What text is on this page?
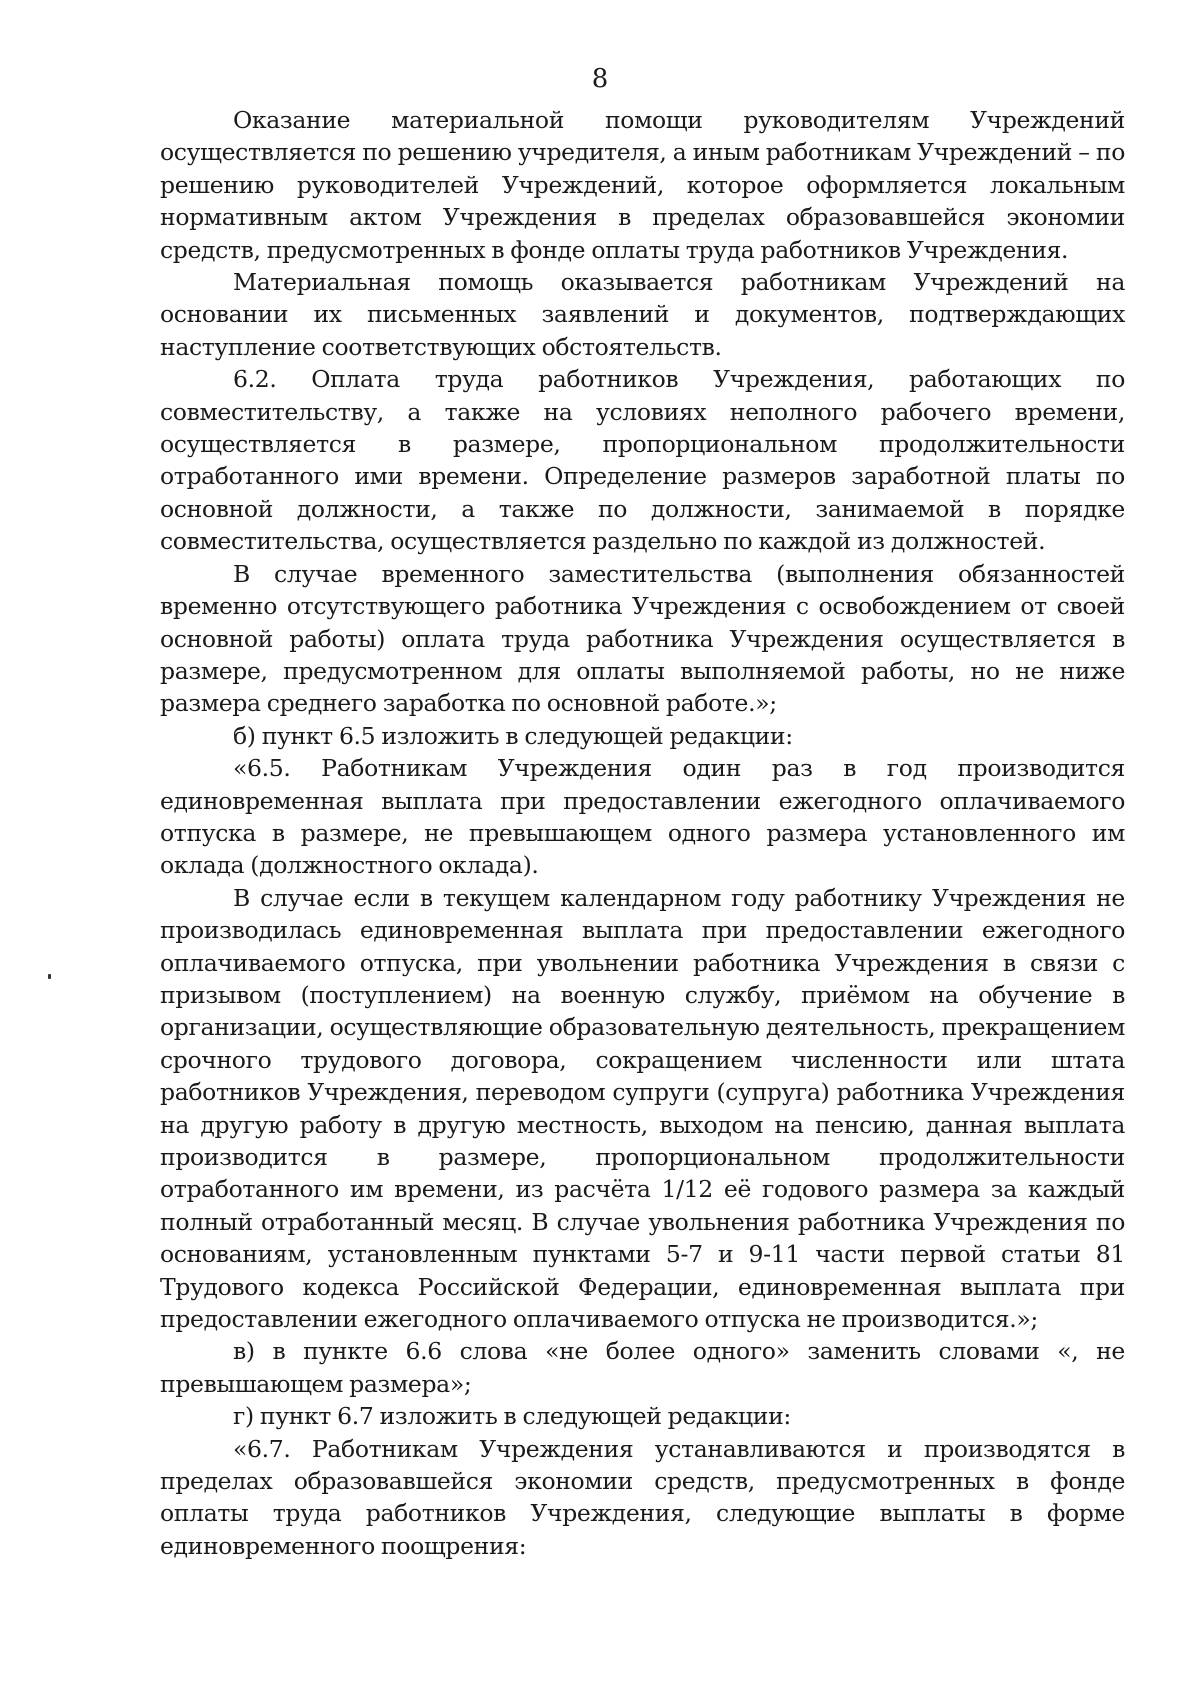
8

Оказание материальной помощи руководителям Учреждений осуществляется по решению учредителя, а иным работникам Учреждений – по решению руководителей Учреждений, которое оформляется локальным нормативным актом Учреждения в пределах образовавшейся экономии средств, предусмотренных в фонде оплаты труда работников Учреждения.

Материальная помощь оказывается работникам Учреждений на основании их письменных заявлений и документов, подтверждающих наступление соответствующих обстоятельств.

6.2. Оплата труда работников Учреждения, работающих по совместительству, а также на условиях неполного рабочего времени, осуществляется в размере, пропорциональном продолжительности отработанного ими времени. Определение размеров заработной платы по основной должности, а также по должности, занимаемой в порядке совместительства, осуществляется раздельно по каждой из должностей.

В случае временного заместительства (выполнения обязанностей временно отсутствующего работника Учреждения с освобождением от своей основной работы) оплата труда работника Учреждения осуществляется в размере, предусмотренном для оплаты выполняемой работы, но не ниже размера среднего заработка по основной работе.»;

б) пункт 6.5 изложить в следующей редакции:

«6.5. Работникам Учреждения один раз в год производится единовременная выплата при предоставлении ежегодного оплачиваемого отпуска в размере, не превышающем одного размера установленного им оклада (должностного оклада).

В случае если в текущем календарном году работнику Учреждения не производилась единовременная выплата при предоставлении ежегодного оплачиваемого отпуска, при увольнении работника Учреждения в связи с призывом (поступлением) на военную службу, приёмом на обучение в организации, осуществляющие образовательную деятельность, прекращением срочного трудового договора, сокращением численности или штата работников Учреждения, переводом супруги (супруга) работника Учреждения на другую работу в другую местность, выходом на пенсию, данная выплата производится в размере, пропорциональном продолжительности отработанного им времени, из расчёта 1/12 её годового размера за каждый полный отработанный месяц. В случае увольнения работника Учреждения по основаниям, установленным пунктами 5-7 и 9-11 части первой статьи 81 Трудового кодекса Российской Федерации, единовременная выплата при предоставлении ежегодного оплачиваемого отпуска не производится.»;

в) в пункте 6.6 слова «не более одного» заменить словами «, не превышающем размера»;

г) пункт 6.7 изложить в следующей редакции:

«6.7. Работникам Учреждения устанавливаются и производятся в пределах образовавшейся экономии средств, предусмотренных в фонде оплаты труда работников Учреждения, следующие выплаты в форме единовременного поощрения:
